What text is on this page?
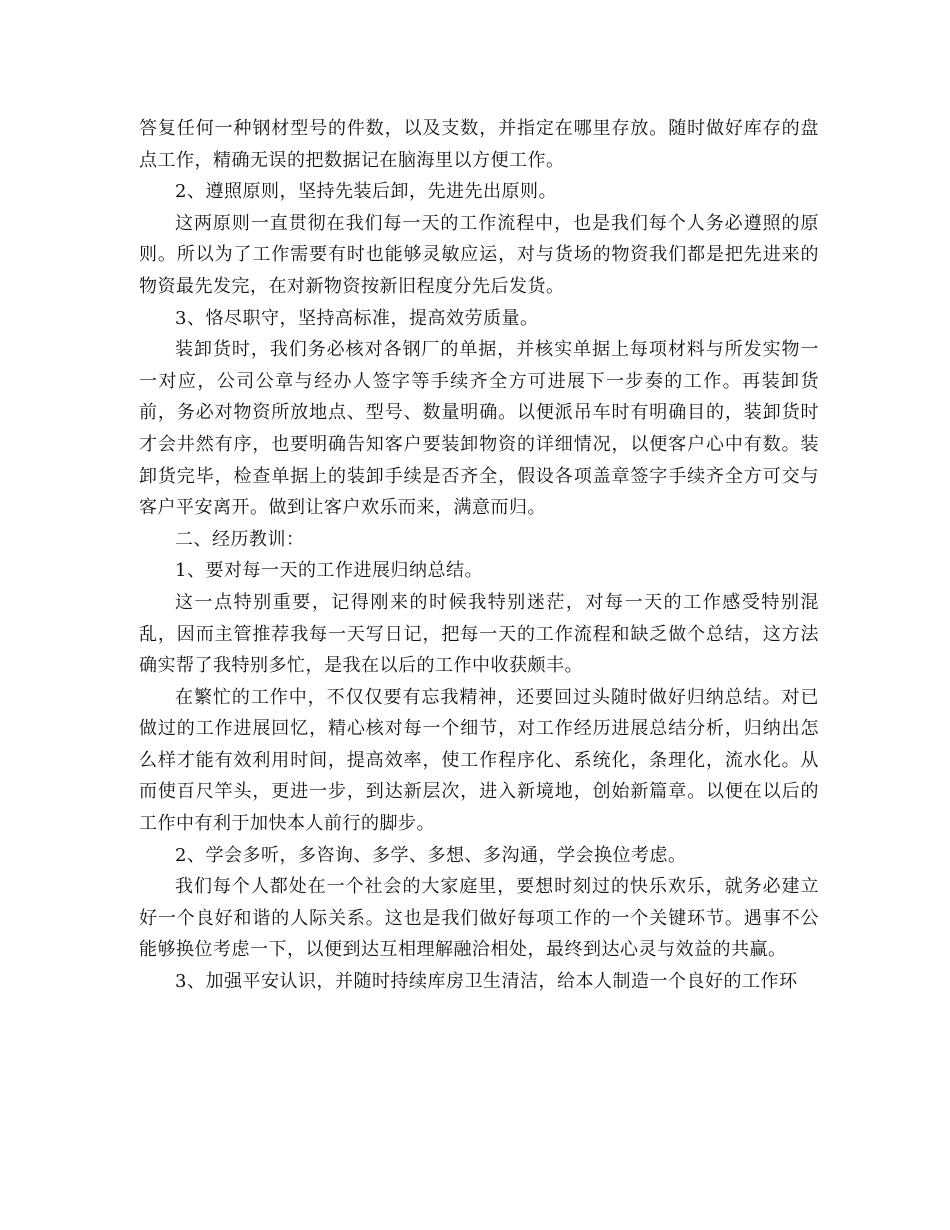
答复任何一种钢材型号的件数，以及支数，并指定在哪里存放。随时做好库存的盘点工作，精确无误的把数据记在脑海里以方便工作。

2、遵照原则，坚持先装后卸，先进先出原则。

这两原则一直贯彻在我们每一天的工作流程中，也是我们每个人务必遵照的原则。所以为了工作需要有时也能够灵敏应运，对与货场的物资我们都是把先进来的物资最先发完，在对新物资按新旧程度分先后发货。

3、恪尽职守，坚持高标准，提高效劳质量。

装卸货时，我们务必核对各钢厂的单据，并核实单据上每项材料与所发实物一一对应，公司公章与经办人签字等手续齐全方可进展下一步奏的工作。再装卸货前，务必对物资所放地点、型号、数量明确。以便派吊车时有明确目的，装卸货时才会井然有序，也要明确告知客户要装卸物资的详细情况，以便客户心中有数。装卸货完毕，检查单据上的装卸手续是否齐全，假设各项盖章签字手续齐全方可交与客户平安离开。做到让客户欢乐而来，满意而归。

二、经历教训：

1、要对每一天的工作进展归纳总结。

这一点特别重要，记得刚来的时候我特别迷茫，对每一天的工作感受特别混乱，因而主管推荐我每一天写日记，把每一天的工作流程和缺乏做个总结，这方法确实帮了我特别多忙，是我在以后的工作中收获颇丰。

在繁忙的工作中，不仅仅要有忘我精神，还要回过头随时做好归纳总结。对已做过的工作进展回忆，精心核对每一个细节，对工作经历进展总结分析，归纳出怎么样才能有效利用时间，提高效率，使工作程序化、系统化，条理化，流水化。从而使百尺竿头，更进一步，到达新层次，进入新境地，创始新篇章。以便在以后的工作中有利于加快本人前行的脚步。

2、学会多听，多咨询、多学、多想、多沟通，学会换位考虑。

我们每个人都处在一个社会的大家庭里，要想时刻过的快乐欢乐，就务必建立好一个良好和谐的人际关系。这也是我们做好每项工作的一个关键环节。遇事不公能够换位考虑一下，以便到达互相理解融洽相处，最终到达心灵与效益的共赢。

3、加强平安认识，并随时持续库房卫生清洁，给本人制造一个良好的工作环
